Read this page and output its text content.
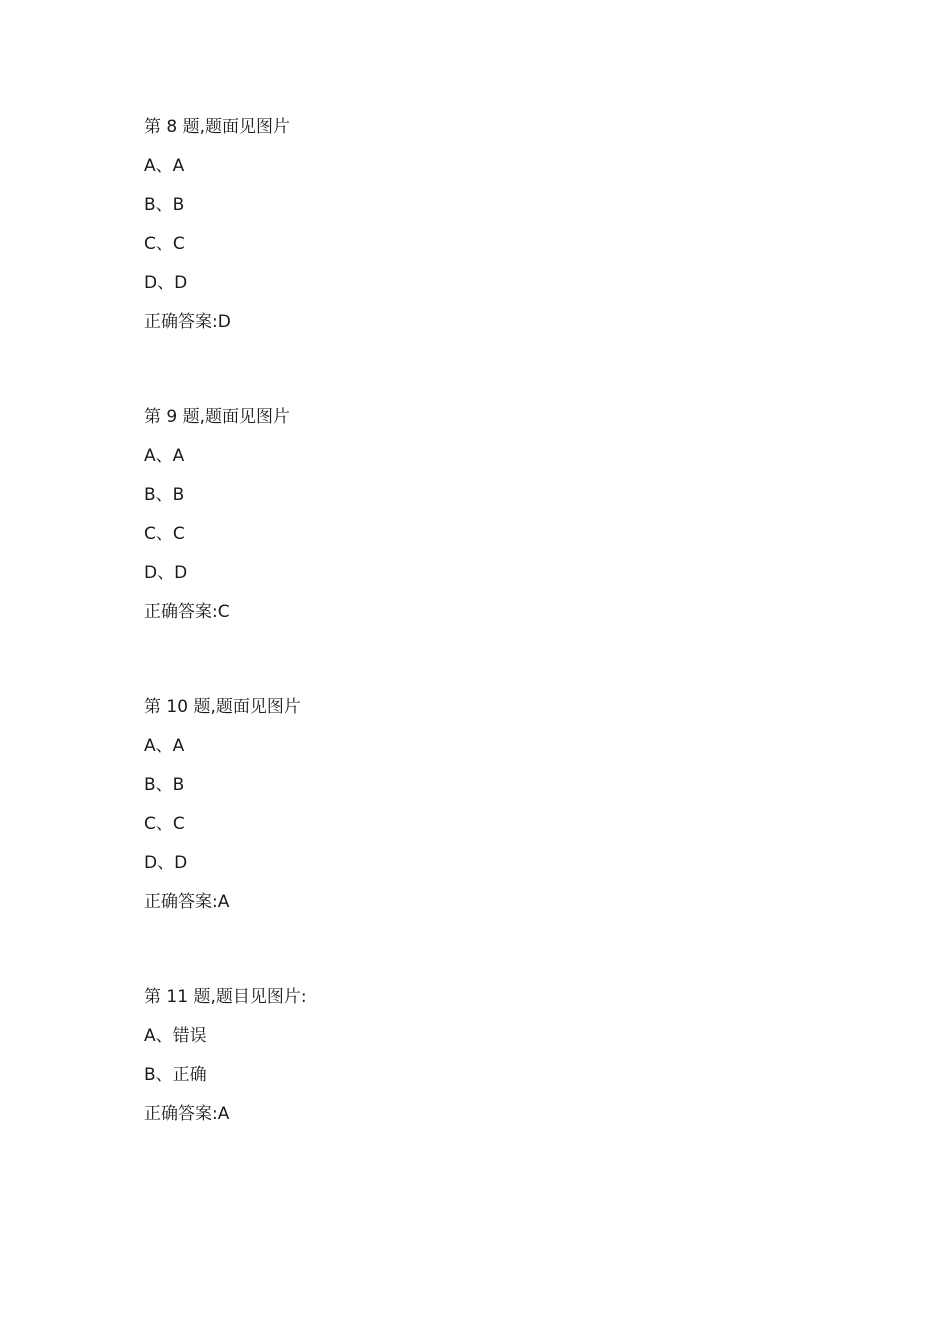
第 8 题,题面见图片
A、A
B、B
C、C
D、D
正确答案:D
第 9 题,题面见图片
A、A
B、B
C、C
D、D
正确答案:C
第 10 题,题面见图片
A、A
B、B
C、C
D、D
正确答案:A
第 11 题,题目见图片:
A、错误
B、正确
正确答案:A
